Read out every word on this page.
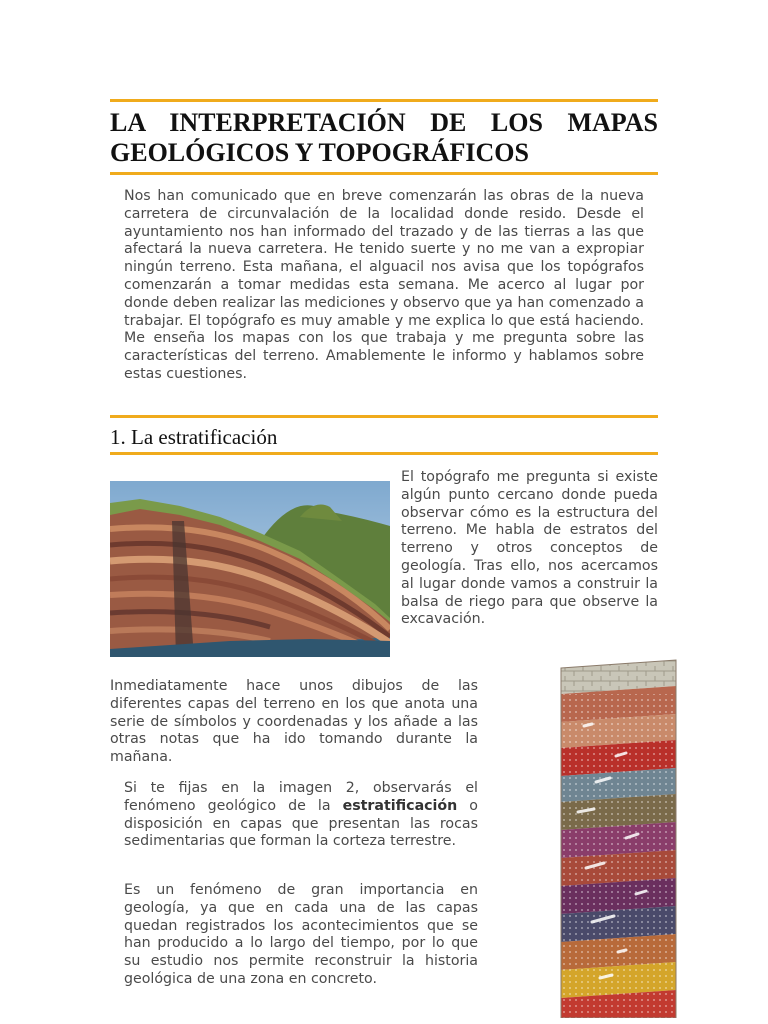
LA INTERPRETACIÓN DE LOS MAPAS GEOLÓGICOS Y TOPOGRÁFICOS

Nos han comunicado que en breve comenzarán las obras de la nueva carretera de circunvalación de la localidad donde resido. Desde el ayuntamiento nos han informado del trazado y de las tierras a las que afectará la nueva carretera. He tenido suerte y no me van a expropiar ningún terreno. Esta mañana, el alguacil nos avisa que los topógrafos comenzarán a tomar medidas esta semana. Me acerco al lugar por donde deben realizar las mediciones y observo que ya han comenzado a trabajar. El topógrafo es muy amable y me explica lo que está haciendo. Me enseña los mapas con los que trabaja y me pregunta sobre las características del terreno. Amablemente le informo y hablamos sobre estas cuestiones.

1. La estratificación

El topógrafo me pregunta si existe algún punto cercano donde pueda observar cómo es la estructura del terreno. Me habla de estratos del terreno y otros conceptos de geología. Tras ello, nos acercamos al lugar donde vamos a construir la balsa de riego para que observe la excavación.

Inmediatamente hace unos dibujos de las diferentes capas del terreno en los que anota una serie de símbolos y coordenadas y los añade a las otras notas que ha ido tomando durante la mañana.

Si te fijas en la imagen 2, observarás el fenómeno geológico de la estratificación o disposición en capas que presentan las rocas sedimentarias que forman la corteza terrestre.

Es un fenómeno de gran importancia en geología, ya que en cada una de las capas quedan registrados los acontecimientos que se han producido a lo largo del tiempo, por lo que su estudio nos permite reconstruir la historia geológica de una zona en concreto.
